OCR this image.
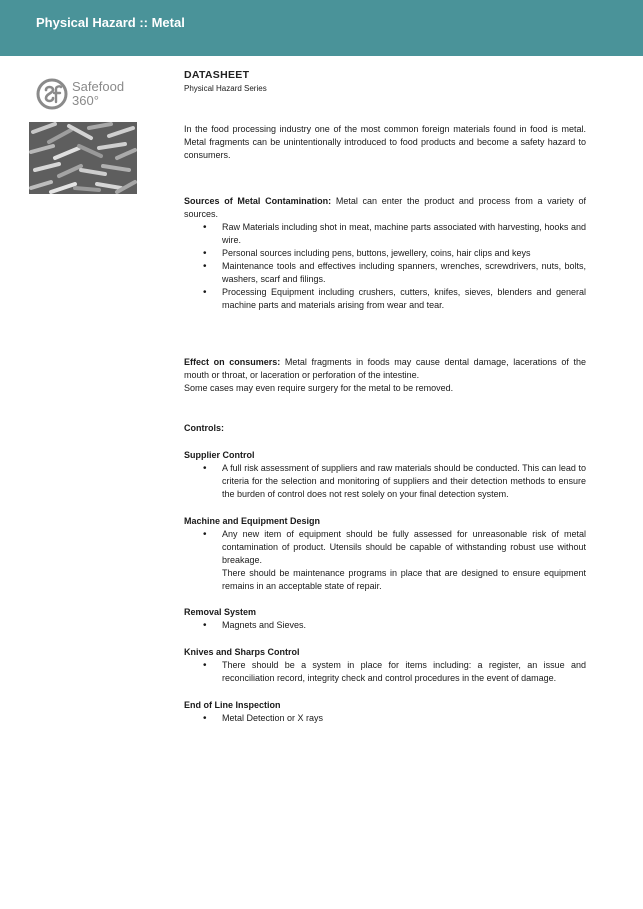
Physical Hazard :: Metal
Safefood
360°
DATASHEET
Physical Hazard Series

In the food processing industry one of the most common foreign materials found in food is metal. Metal fragments can be unintentionally introduced to food products and become a safety hazard to consumers.

Sources of Metal Contamination: Metal can enter the product and process from a variety of sources.

• Raw Materials including shot in meat, machine parts associated with harvesting, hooks and wire.
• Personal sources including pens, buttons, jewellery, coins, hair clips and keys
• Maintenance tools and effectives including spanners, wrenches, screwdrivers, nuts, bolts, washers, scarf and filings.
• Processing Equipment including crushers, cutters, knifes, sieves, blenders and general machine parts and materials arising from wear and tear.

Effect on consumers: Metal fragments in foods may cause dental damage, lacerations of the mouth or throat, or laceration or perforation of the intestine.

Some cases may even require surgery for the metal to be removed.

Controls:

Supplier Control

• A full risk assessment of suppliers and raw materials should be conducted. This can lead to criteria for the selection and monitoring of suppliers and their detection methods to ensure the burden of control does not rest solely on your final detection system.

Machine and Equipment Design

• Any new item of equipment should be fully assessed for unreasonable risk of metal contamination of product. Utensils should be capable of withstanding robust use without breakage.
There should be maintenance programs in place that are designed to ensure equipment remains in an acceptable state of repair.

Removal System

• Magnets and Sieves.

Knives and Sharps Control

• There should be a system in place for items including: a register, an issue and reconciliation record, integrity check and control procedures in the event of damage.

End of Line Inspection

• Metal Detection or X rays
